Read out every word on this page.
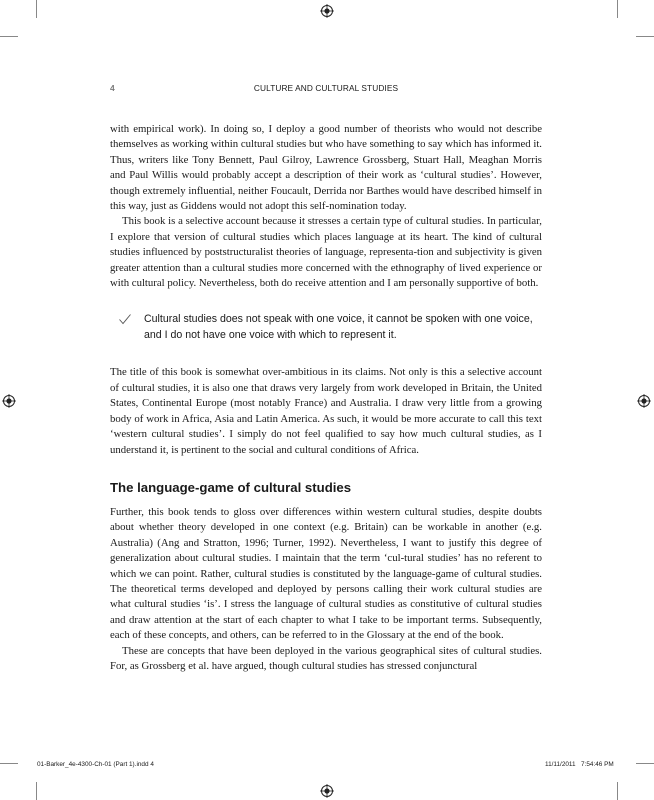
4	CULTURE AND CULTURAL STUDIES

with empirical work). In doing so, I deploy a good number of theorists who would not describe themselves as working within cultural studies but who have something to say which has informed it. Thus, writers like Tony Bennett, Paul Gilroy, Lawrence Grossberg, Stuart Hall, Meaghan Morris and Paul Willis would probably accept a description of their work as ‘cultural studies’. However, though extremely influential, neither Foucault, Derrida nor Barthes would have described himself in this way, just as Giddens would not adopt this self-nomination today.

This book is a selective account because it stresses a certain type of cultural studies. In particular, I explore that version of cultural studies which places language at its heart. The kind of cultural studies influenced by poststructuralist theories of language, representa-tion and subjectivity is given greater attention than a cultural studies more concerned with the ethnography of lived experience or with cultural policy. Nevertheless, both do receive attention and I am personally supportive of both.

Cultural studies does not speak with one voice, it cannot be spoken with one voice, and I do not have one voice with which to represent it.

The title of this book is somewhat over-ambitious in its claims. Not only is this a selective account of cultural studies, it is also one that draws very largely from work developed in Britain, the United States, Continental Europe (most notably France) and Australia. I draw very little from a growing body of work in Africa, Asia and Latin America. As such, it would be more accurate to call this text ‘western cultural studies’. I simply do not feel qualified to say how much cultural studies, as I understand it, is pertinent to the social and cultural conditions of Africa.

The language-game of cultural studies

Further, this book tends to gloss over differences within western cultural studies, despite doubts about whether theory developed in one context (e.g. Britain) can be workable in another (e.g. Australia) (Ang and Stratton, 1996; Turner, 1992). Nevertheless, I want to justify this degree of generalization about cultural studies. I maintain that the term ‘cul-tural studies’ has no referent to which we can point. Rather, cultural studies is constituted by the language-game of cultural studies. The theoretical terms developed and deployed by persons calling their work cultural studies are what cultural studies ‘is’. I stress the language of cultural studies as constitutive of cultural studies and draw attention at the start of each chapter to what I take to be important terms. Subsequently, each of these concepts, and others, can be referred to in the Glossary at the end of the book.

These are concepts that have been deployed in the various geographical sites of cultural studies. For, as Grossberg et al. have argued, though cultural studies has stressed conjunctural

01-Barker_4e-4300-Ch-01 (Part 1).indd 4	11/11/2011 7:54:46 PM
